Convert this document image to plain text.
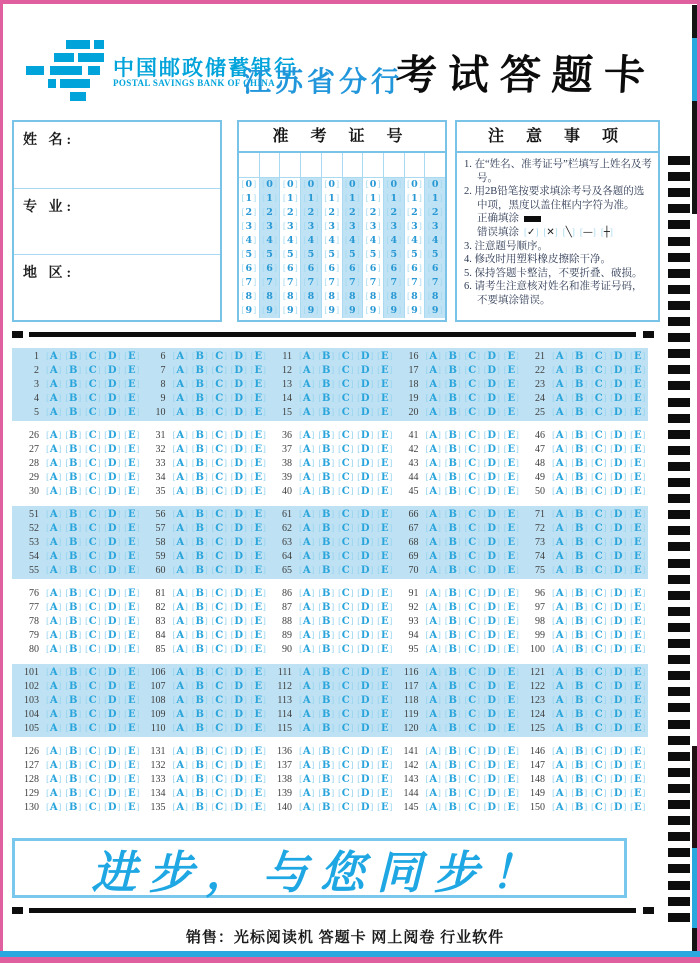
中国邮政储蓄银行
POSTAL SAVINGS BANK OF CHINA
江苏省分行
考试答题卡
姓 名:
专 业:
地 区:
准 考 证 号
[0]
[1]
[2]
[3]
[4]
[5]
[6]
[7]
[8]
[9]
[0]
[1]
[2]
[3]
[4]
[5]
[6]
[7]
[8]
[9]
[0]
[1]
[2]
[3]
[4]
[5]
[6]
[7]
[8]
[9]
[0]
[1]
[2]
[3]
[4]
[5]
[6]
[7]
[8]
[9]
[0]
[1]
[2]
[3]
[4]
[5]
[6]
[7]
[8]
[9]
[0]
[1]
[2]
[3]
[4]
[5]
[6]
[7]
[8]
[9]
[0]
[1]
[2]
[3]
[4]
[5]
[6]
[7]
[8]
[9]
[0]
[1]
[2]
[3]
[4]
[5]
[6]
[7]
[8]
[9]
[0]
[1]
[2]
[3]
[4]
[5]
[6]
[7]
[8]
[9]
[0]
[1]
[2]
[3]
[4]
[5]
[6]
[7]
[8]
[9]
注 意 事 项
1. 在“姓名、准考证号”栏填写上姓名及考号。
2. 用2B铅笔按要求填涂考号及各题的选中项，黑度以盖住框内字符为准。
正确填涂
错误填涂 [✓] [✕] [╲] [—] [┼]
3. 注意题号顺序。
4. 修改时用塑料橡皮擦除干净。
5. 保持答题卡整洁，不要折叠、破损。
6. 请考生注意核对姓名和准考证号码，不要填涂错误。
1 [A] [B] [C] [D] [E]
2 [A] [B] [C] [D] [E]
3 [A] [B] [C] [D] [E]
4 [A] [B] [C] [D] [E]
5 [A] [B] [C] [D] [E]
6 [A] [B] [C] [D] [E]
7 [A] [B] [C] [D] [E]
8 [A] [B] [C] [D] [E]
9 [A] [B] [C] [D] [E]
10 [A] [B] [C] [D] [E]
11 [A] [B] [C] [D] [E]
12 [A] [B] [C] [D] [E]
13 [A] [B] [C] [D] [E]
14 [A] [B] [C] [D] [E]
15 [A] [B] [C] [D] [E]
16 [A] [B] [C] [D] [E]
17 [A] [B] [C] [D] [E]
18 [A] [B] [C] [D] [E]
19 [A] [B] [C] [D] [E]
20 [A] [B] [C] [D] [E]
21 [A] [B] [C] [D] [E]
22 [A] [B] [C] [D] [E]
23 [A] [B] [C] [D] [E]
24 [A] [B] [C] [D] [E]
25 [A] [B] [C] [D] [E]
26 [A] [B] [C] [D] [E]
27 [A] [B] [C] [D] [E]
28 [A] [B] [C] [D] [E]
29 [A] [B] [C] [D] [E]
30 [A] [B] [C] [D] [E]
31 [A] [B] [C] [D] [E]
32 [A] [B] [C] [D] [E]
33 [A] [B] [C] [D] [E]
34 [A] [B] [C] [D] [E]
35 [A] [B] [C] [D] [E]
36 [A] [B] [C] [D] [E]
37 [A] [B] [C] [D] [E]
38 [A] [B] [C] [D] [E]
39 [A] [B] [C] [D] [E]
40 [A] [B] [C] [D] [E]
41 [A] [B] [C] [D] [E]
42 [A] [B] [C] [D] [E]
43 [A] [B] [C] [D] [E]
44 [A] [B] [C] [D] [E]
45 [A] [B] [C] [D] [E]
46 [A] [B] [C] [D] [E]
47 [A] [B] [C] [D] [E]
48 [A] [B] [C] [D] [E]
49 [A] [B] [C] [D] [E]
50 [A] [B] [C] [D] [E]
51 [A] [B] [C] [D] [E]
52 [A] [B] [C] [D] [E]
53 [A] [B] [C] [D] [E]
54 [A] [B] [C] [D] [E]
55 [A] [B] [C] [D] [E]
56 [A] [B] [C] [D] [E]
57 [A] [B] [C] [D] [E]
58 [A] [B] [C] [D] [E]
59 [A] [B] [C] [D] [E]
60 [A] [B] [C] [D] [E]
61 [A] [B] [C] [D] [E]
62 [A] [B] [C] [D] [E]
63 [A] [B] [C] [D] [E]
64 [A] [B] [C] [D] [E]
65 [A] [B] [C] [D] [E]
66 [A] [B] [C] [D] [E]
67 [A] [B] [C] [D] [E]
68 [A] [B] [C] [D] [E]
69 [A] [B] [C] [D] [E]
70 [A] [B] [C] [D] [E]
71 [A] [B] [C] [D] [E]
72 [A] [B] [C] [D] [E]
73 [A] [B] [C] [D] [E]
74 [A] [B] [C] [D] [E]
75 [A] [B] [C] [D] [E]
76 [A] [B] [C] [D] [E]
77 [A] [B] [C] [D] [E]
78 [A] [B] [C] [D] [E]
79 [A] [B] [C] [D] [E]
80 [A] [B] [C] [D] [E]
81 [A] [B] [C] [D] [E]
82 [A] [B] [C] [D] [E]
83 [A] [B] [C] [D] [E]
84 [A] [B] [C] [D] [E]
85 [A] [B] [C] [D] [E]
86 [A] [B] [C] [D] [E]
87 [A] [B] [C] [D] [E]
88 [A] [B] [C] [D] [E]
89 [A] [B] [C] [D] [E]
90 [A] [B] [C] [D] [E]
91 [A] [B] [C] [D] [E]
92 [A] [B] [C] [D] [E]
93 [A] [B] [C] [D] [E]
94 [A] [B] [C] [D] [E]
95 [A] [B] [C] [D] [E]
96 [A] [B] [C] [D] [E]
97 [A] [B] [C] [D] [E]
98 [A] [B] [C] [D] [E]
99 [A] [B] [C] [D] [E]
100 [A] [B] [C] [D] [E]
101 [A] [B] [C] [D] [E]
102 [A] [B] [C] [D] [E]
103 [A] [B] [C] [D] [E]
104 [A] [B] [C] [D] [E]
105 [A] [B] [C] [D] [E]
106 [A] [B] [C] [D] [E]
107 [A] [B] [C] [D] [E]
108 [A] [B] [C] [D] [E]
109 [A] [B] [C] [D] [E]
110 [A] [B] [C] [D] [E]
111 [A] [B] [C] [D] [E]
112 [A] [B] [C] [D] [E]
113 [A] [B] [C] [D] [E]
114 [A] [B] [C] [D] [E]
115 [A] [B] [C] [D] [E]
116 [A] [B] [C] [D] [E]
117 [A] [B] [C] [D] [E]
118 [A] [B] [C] [D] [E]
119 [A] [B] [C] [D] [E]
120 [A] [B] [C] [D] [E]
121 [A] [B] [C] [D] [E]
122 [A] [B] [C] [D] [E]
123 [A] [B] [C] [D] [E]
124 [A] [B] [C] [D] [E]
125 [A] [B] [C] [D] [E]
126 [A] [B] [C] [D] [E]
127 [A] [B] [C] [D] [E]
128 [A] [B] [C] [D] [E]
129 [A] [B] [C] [D] [E]
130 [A] [B] [C] [D] [E]
131 [A] [B] [C] [D] [E]
132 [A] [B] [C] [D] [E]
133 [A] [B] [C] [D] [E]
134 [A] [B] [C] [D] [E]
135 [A] [B] [C] [D] [E]
136 [A] [B] [C] [D] [E]
137 [A] [B] [C] [D] [E]
138 [A] [B] [C] [D] [E]
139 [A] [B] [C] [D] [E]
140 [A] [B] [C] [D] [E]
141 [A] [B] [C] [D] [E]
142 [A] [B] [C] [D] [E]
143 [A] [B] [C] [D] [E]
144 [A] [B] [C] [D] [E]
145 [A] [B] [C] [D] [E]
146 [A] [B] [C] [D] [E]
147 [A] [B] [C] [D] [E]
148 [A] [B] [C] [D] [E]
149 [A] [B] [C] [D] [E]
150 [A] [B] [C] [D] [E]
进步，与您同步！
销售：光标阅读机 答题卡 网上阅卷 行业软件
